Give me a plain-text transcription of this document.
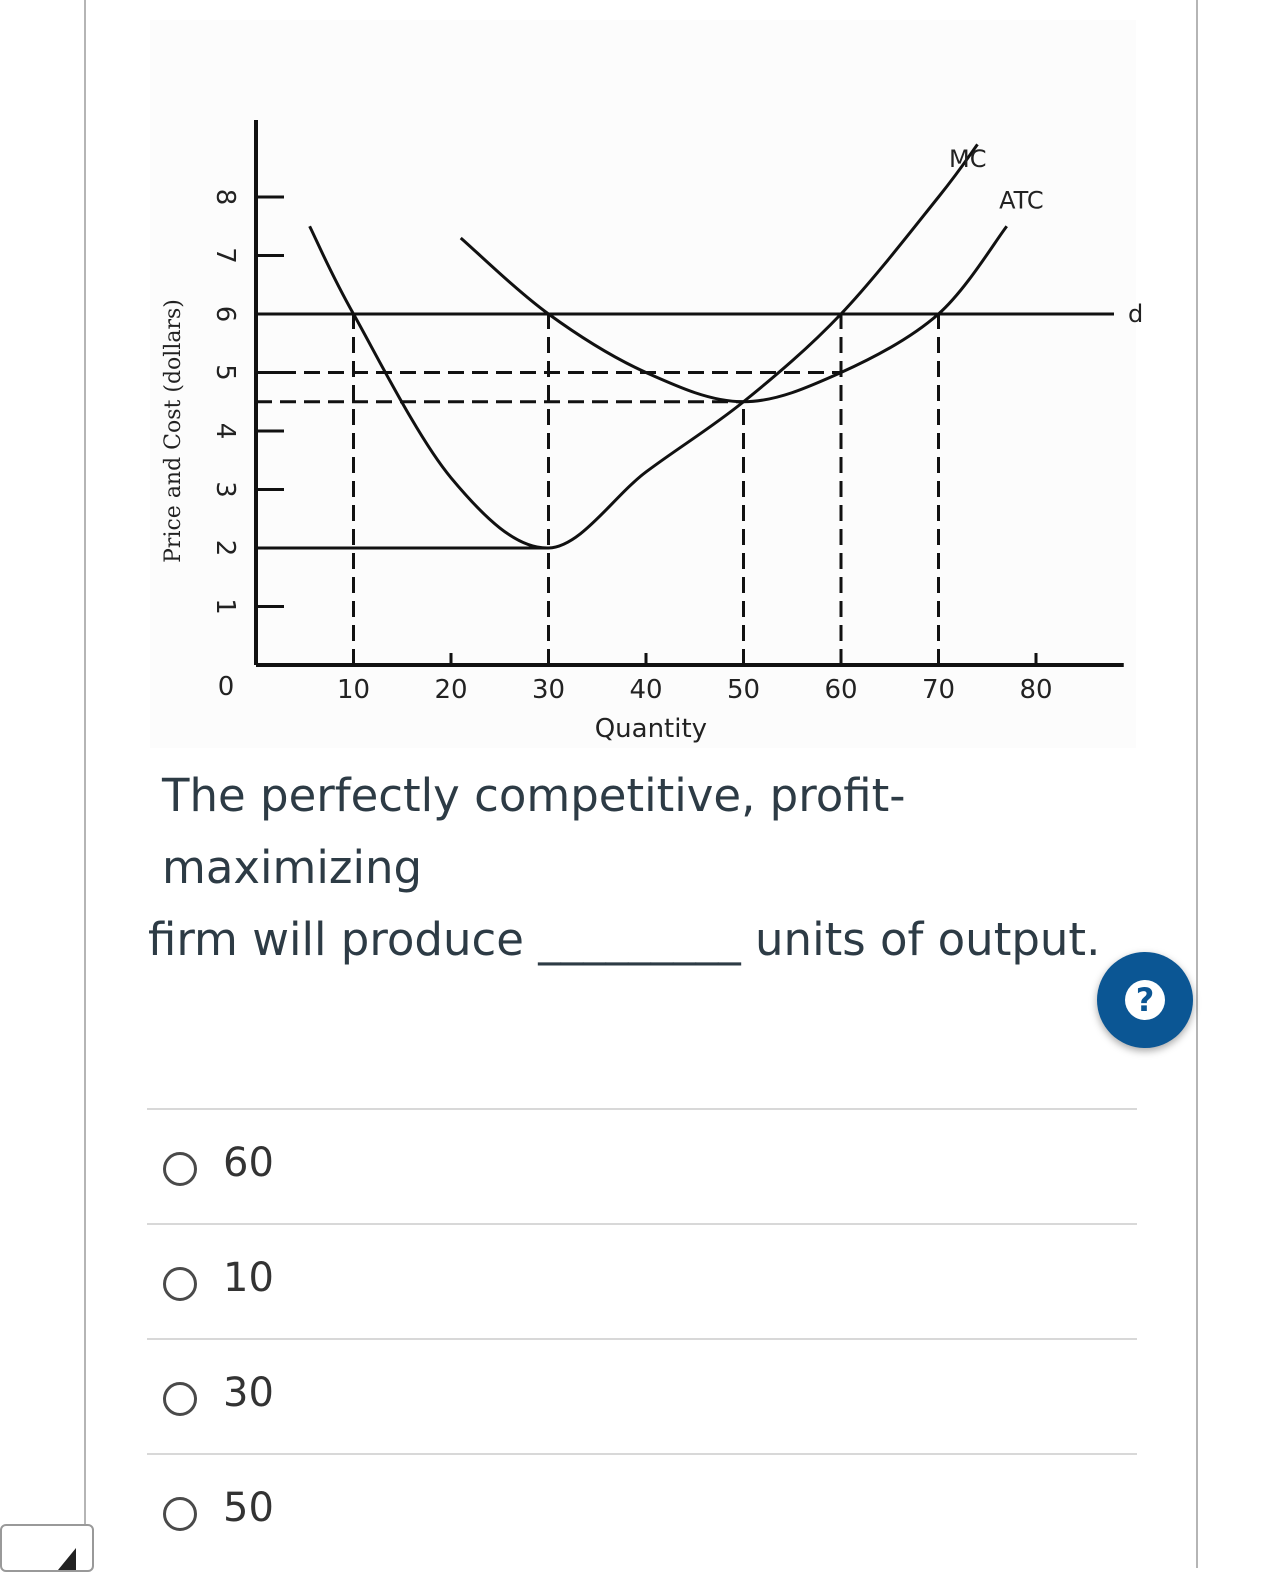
1
2
3
4
5
6
7
8
0	10 20 30 40 50 60 70 80
Quantity
Price and Cost (dollars)
MC
ATC
d
The perfectly competitive, profit-maximizing
firm will produce _________ units of output.
?
60
10
30
50
